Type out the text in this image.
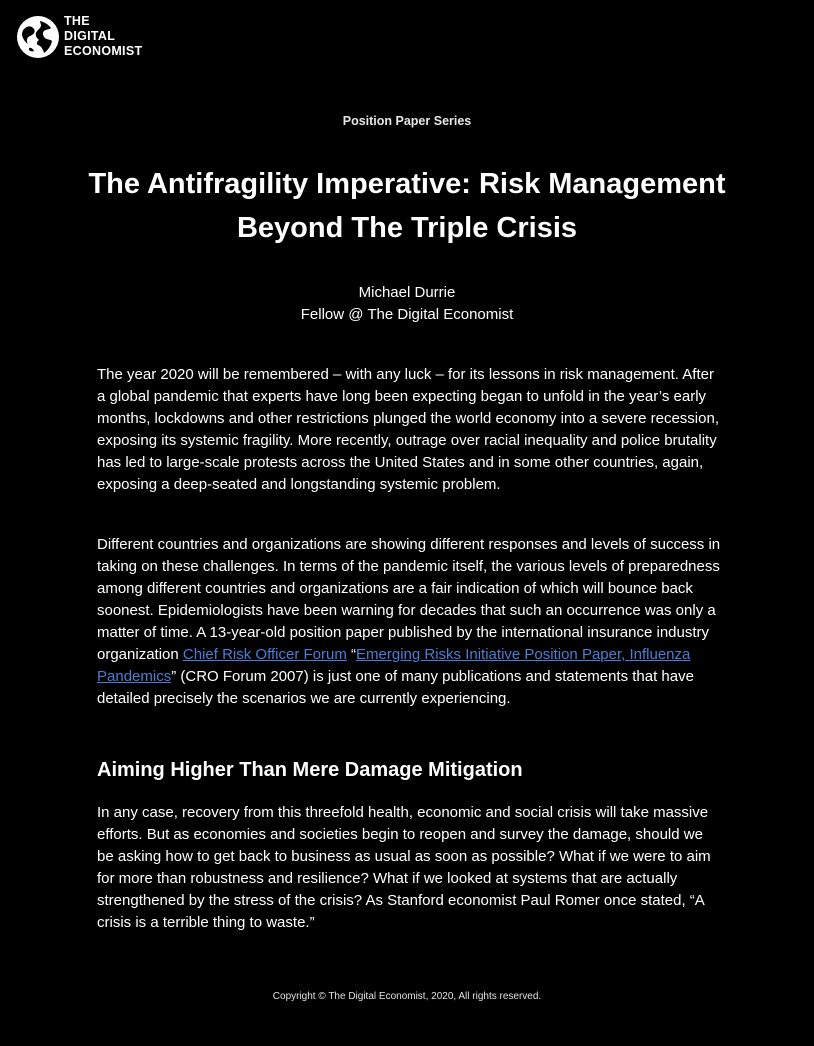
THE
DIGITAL
ECONOMIST
Position Paper Series
The Antifragility Imperative: Risk Management Beyond The Triple Crisis
Michael Durrie
Fellow @ The Digital Economist

The year 2020 will be remembered – with any luck – for its lessons in risk management. After a global pandemic that experts have long been expecting began to unfold in the year’s early months, lockdowns and other restrictions plunged the world economy into a severe recession, exposing its systemic fragility. More recently, outrage over racial inequality and police brutality has led to large-scale protests across the United States and in some other countries, again, exposing a deep-seated and longstanding systemic problem.

Different countries and organizations are showing different responses and levels of success in taking on these challenges. In terms of the pandemic itself, the various levels of preparedness among different countries and organizations are a fair indication of which will bounce back soonest. Epidemiologists have been warning for decades that such an occurrence was only a matter of time. A 13-year-old position paper published by the international insurance industry organization Chief Risk Officer Forum “Emerging Risks Initiative Position Paper, Influenza Pandemics” (CRO Forum 2007) is just one of many publications and statements that have detailed precisely the scenarios we are currently experiencing.

Aiming Higher Than Mere Damage Mitigation

In any case, recovery from this threefold health, economic and social crisis will take massive efforts. But as economies and societies begin to reopen and survey the damage, should we be asking how to get back to business as usual as soon as possible? What if we were to aim for more than robustness and resilience? What if we looked at systems that are actually strengthened by the stress of the crisis? As Stanford economist Paul Romer once stated, “A crisis is a terrible thing to waste.”

Copyright © The Digital Economist, 2020, All rights reserved.
